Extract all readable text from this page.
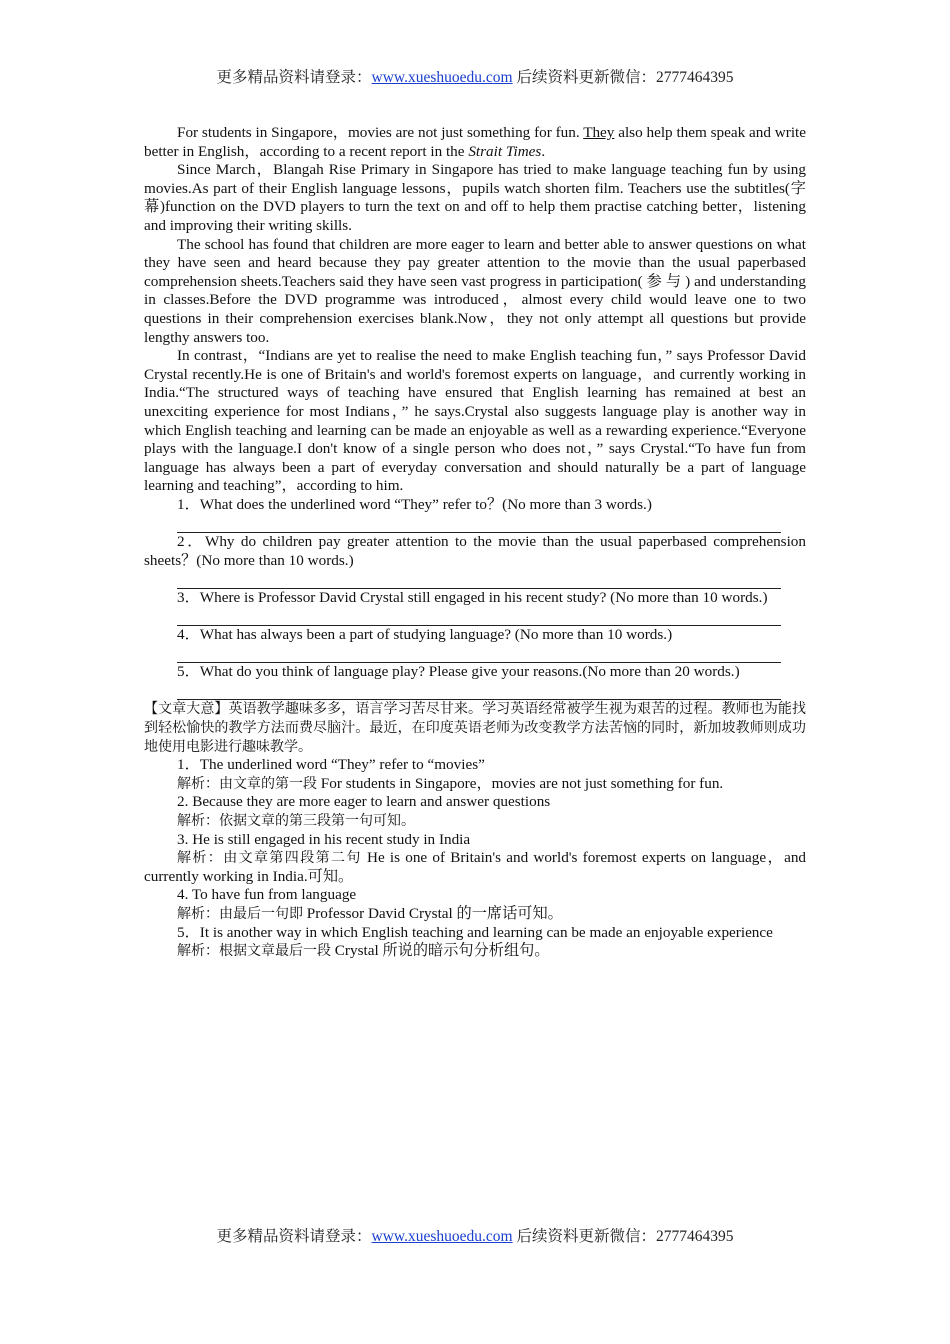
更多精品资料请登录：www.xueshuoedu.com 后续资料更新微信：2777464395

For students in Singapore，movies are not just something for fun. They also help them speak and write better in English，according to a recent report in the Strait Times.

Since March，Blangah Rise Primary in Singapore has tried to make language teaching fun by using movies.As part of their English language lessons，pupils watch shorten film. Teachers use the subtitles(字幕)function on the DVD players to turn the text on and off to help them practise catching better，listening and improving their writing skills.

The school has found that children are more eager to learn and better able to answer questions on what they have seen and heard because they pay greater attention to the movie than the usual paperbased comprehension sheets.Teachers said they have seen vast progress in participation( 参 与 ) and understanding in classes.Before the DVD programme was introduced，almost every child would leave one to two questions in their comprehension exercises blank.Now，they not only attempt all questions but provide lengthy answers too.

In contrast，“Indians are yet to realise the need to make English teaching fun，” says Professor David Crystal recently.He is one of Britain's and world's foremost experts on language，and currently working in India.“The structured ways of teaching have ensured that English learning has remained at best an unexciting experience for most Indians，” he says.Crystal also suggests language play is another way in which English teaching and learning can be made an enjoyable as well as a rewarding experience.“Everyone plays with the language.I don't know of a single person who does not，” says Crystal.“To have fun from language has always been a part of everyday conversation and should naturally be a part of language learning and teaching”，according to him.

1．What does the underlined word “They” refer to？(No more than 3 words.)

2．Why do children pay greater attention to the movie than the usual paperbased comprehension sheets？(No more than 10 words.)

3．Where is Professor David Crystal still engaged in his recent study? (No more than 10 words.)

4．What has always been a part of studying language? (No more than 10 words.)

5．What do you think of language play? Please give your reasons.(No more than 20 words.)

【文章大意】英语教学趣味多多，语言学习苦尽甘来。学习英语经常被学生视为艰苦的过程。教师也为能找到轻松愉快的教学方法而费尽脑汁。最近，在印度英语老师为改变教学方法苦恼的同时，新加坡教师则成功地使用电影进行趣味教学。

1．The underlined word “They” refer to “movies”

解析：由文章的第一段 For students in Singapore，movies are not just something for fun.

2. Because they are more eager to learn and answer questions

解析：依据文章的第三段第一句可知。

3. He is still engaged in his recent study in India

解析：由文章第四段第二句 He is one of Britain's and world's foremost experts on language，and currently working in India.可知。

4. To have fun from language

解析：由最后一句即 Professor David Crystal 的一席话可知。

5．It is another way in which English teaching and learning can be made an enjoyable experience

解析：根据文章最后一段 Crystal 所说的暗示句分析组句。

更多精品资料请登录：www.xueshuoedu.com 后续资料更新微信：2777464395
